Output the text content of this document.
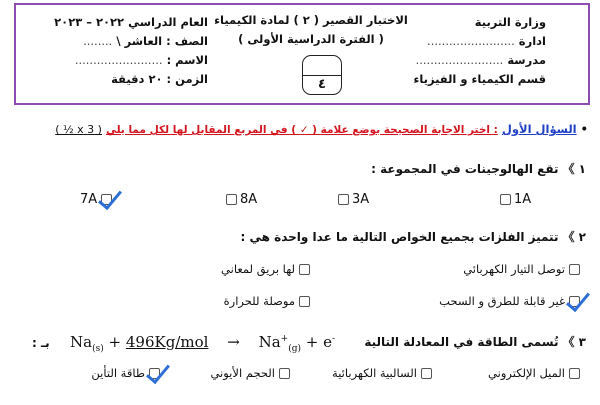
وزارة التربية
ادارة ........................
مدرسة ........................
قسم الكيمياء و الفيزياء
الاختبار القصير ( ٢ ) لمادة الكيمياء
( الفترة الدراسية الأولى )
٤
العام الدراسي ٢٠٢٢ – ٢٠٢٣
الصف : العاشر \ ........
الاسم : ........................
الزمن : ٢٠ دقيقة
• السؤال الأول : اختر الاجابة الصحيحة بوضع علامة ( ✓ ) في المربع المقابل لها لكل مما يلي ( 3 x ½ )
١》 تقع الهالوجينات في المجموعة :
1A
3A
8A
7A
٢》 تتميز الفلزات بجميع الخواص التالية ما عدا واحدة هي :
توصل التيار الكهربائي
لها بريق لمعاني
غير قابلة للطرق و السحب
موصلة للحرارة
٣》 تُسمى الطاقة في المعادلة التالية
$Na_{(s)} + 496Kg/mol \to Na^+_{(g)} + e^-$
بـ :
الميل الإلكتروني
السالبية الكهربائية
الحجم الأيوني
طاقة التأين
